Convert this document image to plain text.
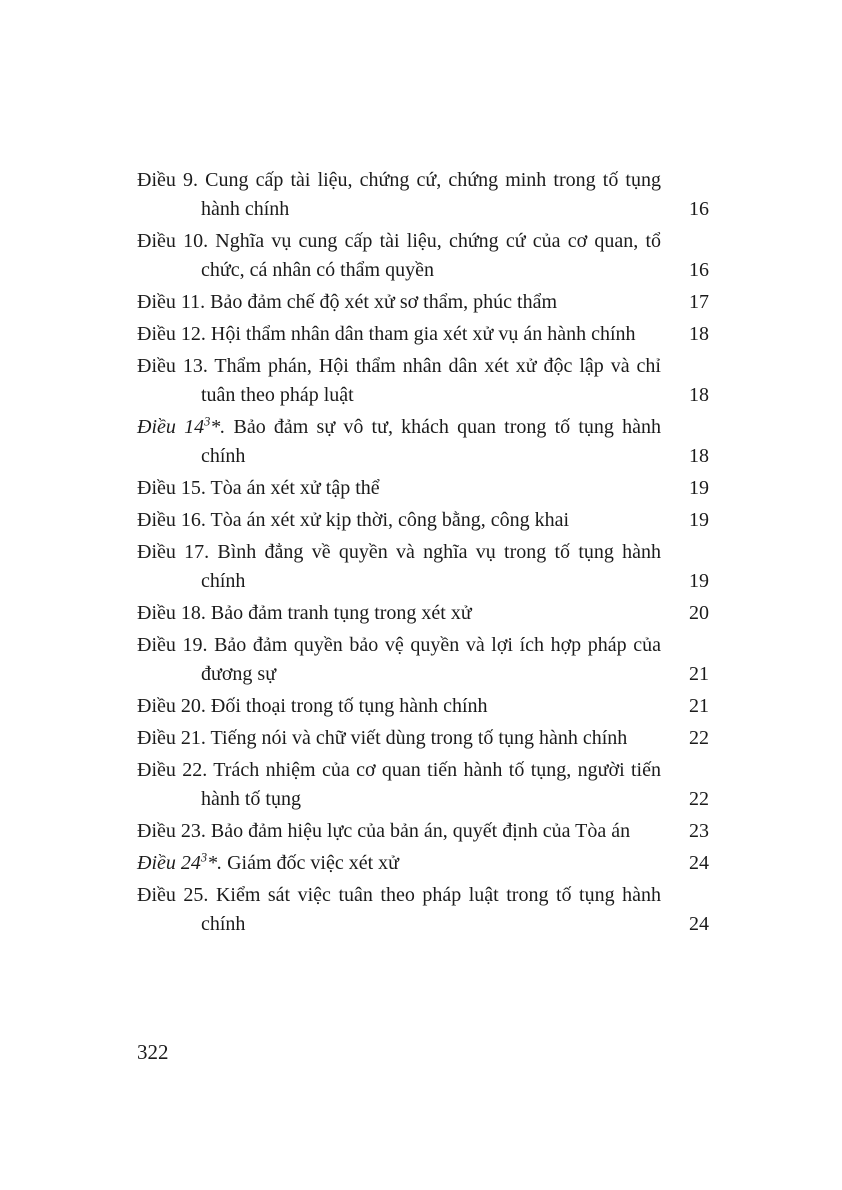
Điều 9. Cung cấp tài liệu, chứng cứ, chứng minh trong tố tụng hành chính	16
Điều 10. Nghĩa vụ cung cấp tài liệu, chứng cứ của cơ quan, tổ chức, cá nhân có thẩm quyền	16
Điều 11. Bảo đảm chế độ xét xử sơ thẩm, phúc thẩm	17
Điều 12. Hội thẩm nhân dân tham gia xét xử vụ án hành chính	18
Điều 13. Thẩm phán, Hội thẩm nhân dân xét xử độc lập và chỉ tuân theo pháp luật	18
Điều $14^3*$. Bảo đảm sự vô tư, khách quan trong tố tụng hành chính	18
Điều 15. Tòa án xét xử tập thể	19
Điều 16. Tòa án xét xử kịp thời, công bằng, công khai	19
Điều 17. Bình đẳng về quyền và nghĩa vụ trong tố tụng hành chính	19
Điều 18. Bảo đảm tranh tụng trong xét xử	20
Điều 19. Bảo đảm quyền bảo vệ quyền và lợi ích hợp pháp của đương sự	21
Điều 20. Đối thoại trong tố tụng hành chính	21
Điều 21. Tiếng nói và chữ viết dùng trong tố tụng hành chính	22
Điều 22. Trách nhiệm của cơ quan tiến hành tố tụng, người tiến hành tố tụng	22
Điều 23. Bảo đảm hiệu lực của bản án, quyết định của Tòa án	23
Điều $24^3*$. Giám đốc việc xét xử	24
Điều 25. Kiểm sát việc tuân theo pháp luật trong tố tụng hành chính	24
322
